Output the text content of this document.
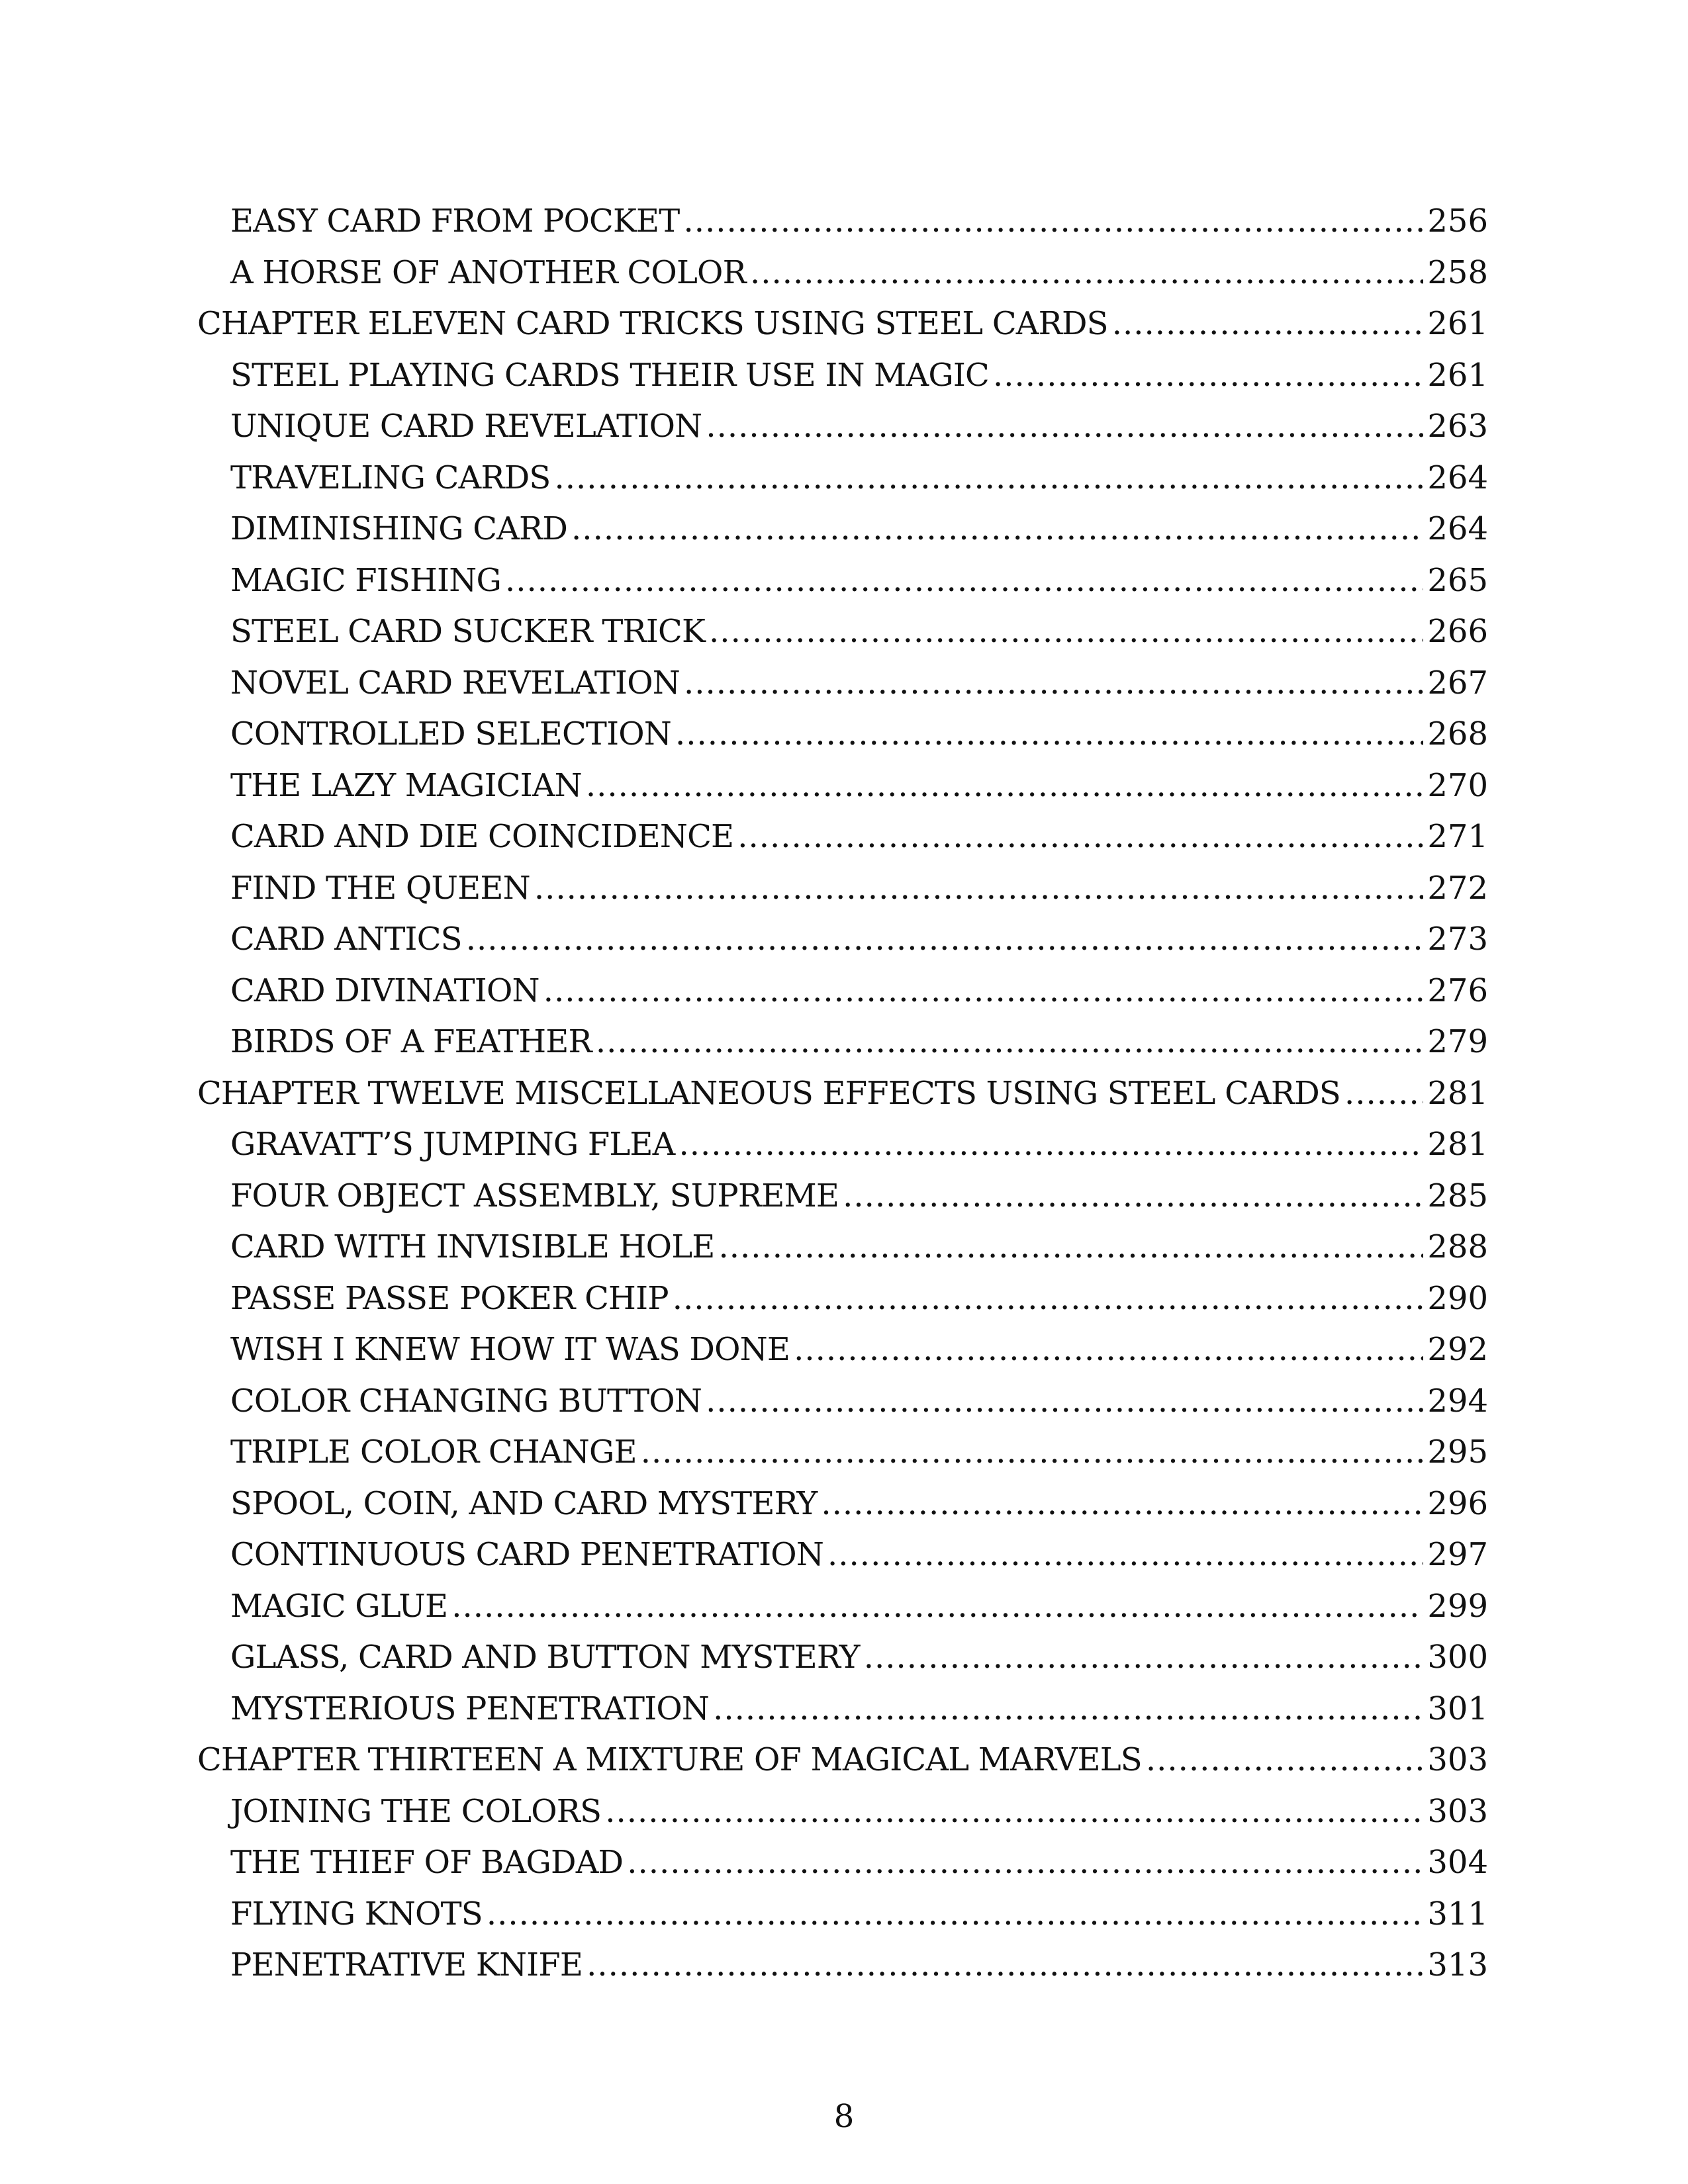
EASY CARD FROM POCKET .....	256
A HORSE OF ANOTHER COLOR .....	258
CHAPTER ELEVEN CARD TRICKS USING STEEL CARDS .....	261
STEEL PLAYING CARDS THEIR USE IN MAGIC .....	261
UNIQUE CARD REVELATION .....	263
TRAVELING CARDS .....	264
DIMINISHING CARD .....	264
MAGIC FISHING .....	265
STEEL CARD SUCKER TRICK .....	266
NOVEL CARD REVELATION .....	267
CONTROLLED SELECTION .....	268
THE LAZY MAGICIAN .....	270
CARD AND DIE COINCIDENCE .....	271
FIND THE QUEEN .....	272
CARD ANTICS .....	273
CARD DIVINATION .....	276
BIRDS OF A FEATHER .....	279
CHAPTER TWELVE MISCELLANEOUS EFFECTS USING STEEL CARDS .....	281
GRAVATT’S JUMPING FLEA .....	281
FOUR OBJECT ASSEMBLY, SUPREME .....	285
CARD WITH INVISIBLE HOLE .....	288
PASSE PASSE POKER CHIP .....	290
WISH I KNEW HOW IT WAS DONE .....	292
COLOR CHANGING BUTTON .....	294
TRIPLE COLOR CHANGE .....	295
SPOOL, COIN, AND CARD MYSTERY .....	296
CONTINUOUS CARD PENETRATION .....	297
MAGIC GLUE .....	299
GLASS, CARD AND BUTTON MYSTERY .....	300
MYSTERIOUS PENETRATION .....	301
CHAPTER THIRTEEN A MIXTURE OF MAGICAL MARVELS .....	303
JOINING THE COLORS .....	303
THE THIEF OF BAGDAD .....	304
FLYING KNOTS .....	311
PENETRATIVE KNIFE .....	313
8
